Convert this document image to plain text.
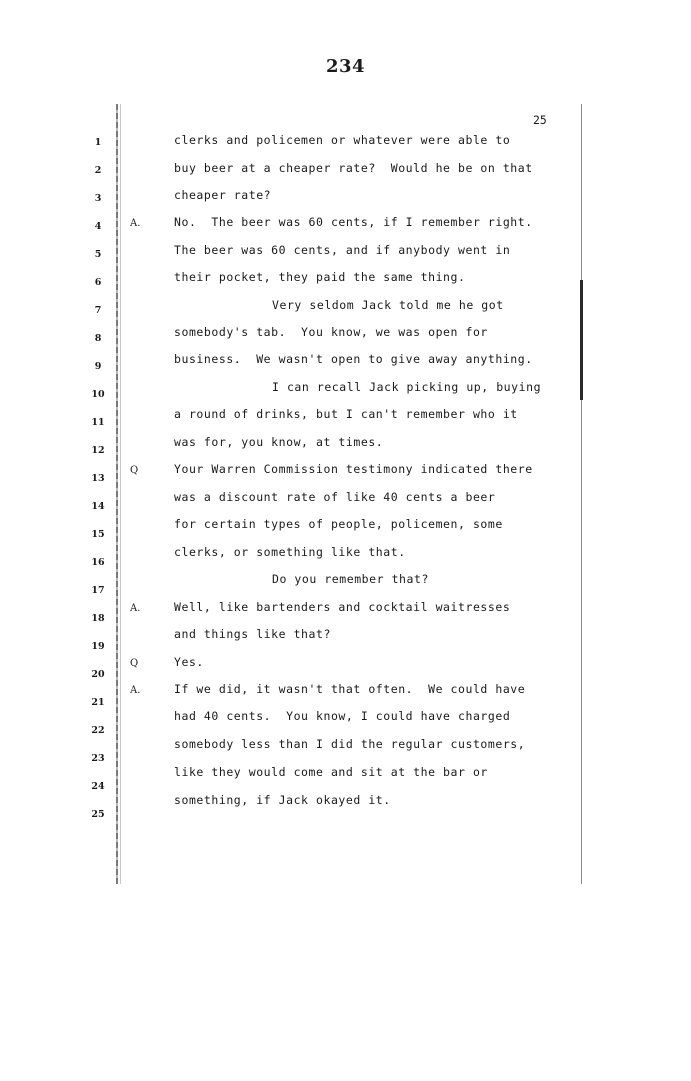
234
25
1
2
3
4
5
6
7
8
9
10
11
12
13
14
15
16
17
18
19
20
21
22
23
24
25
A.
Q
A.
Q
A.
clerks and policemen or whatever were able to
buy beer at a cheaper rate?  Would he be on that
cheaper rate?
No.  The beer was 60 cents, if I remember right.
The beer was 60 cents, and if anybody went in
their pocket, they paid the same thing.
Very seldom Jack told me he got
somebody's tab.  You know, we was open for
business.  We wasn't open to give away anything.
I can recall Jack picking up, buying
a round of drinks, but I can't remember who it
was for, you know, at times.
Your Warren Commission testimony indicated there
was a discount rate of like 40 cents a beer
for certain types of people, policemen, some
clerks, or something like that.
Do you remember that?
Well, like bartenders and cocktail waitresses
and things like that?
Yes.
If we did, it wasn't that often.  We could have
had 40 cents.  You know, I could have charged
somebody less than I did the regular customers,
like they would come and sit at the bar or
something, if Jack okayed it.
